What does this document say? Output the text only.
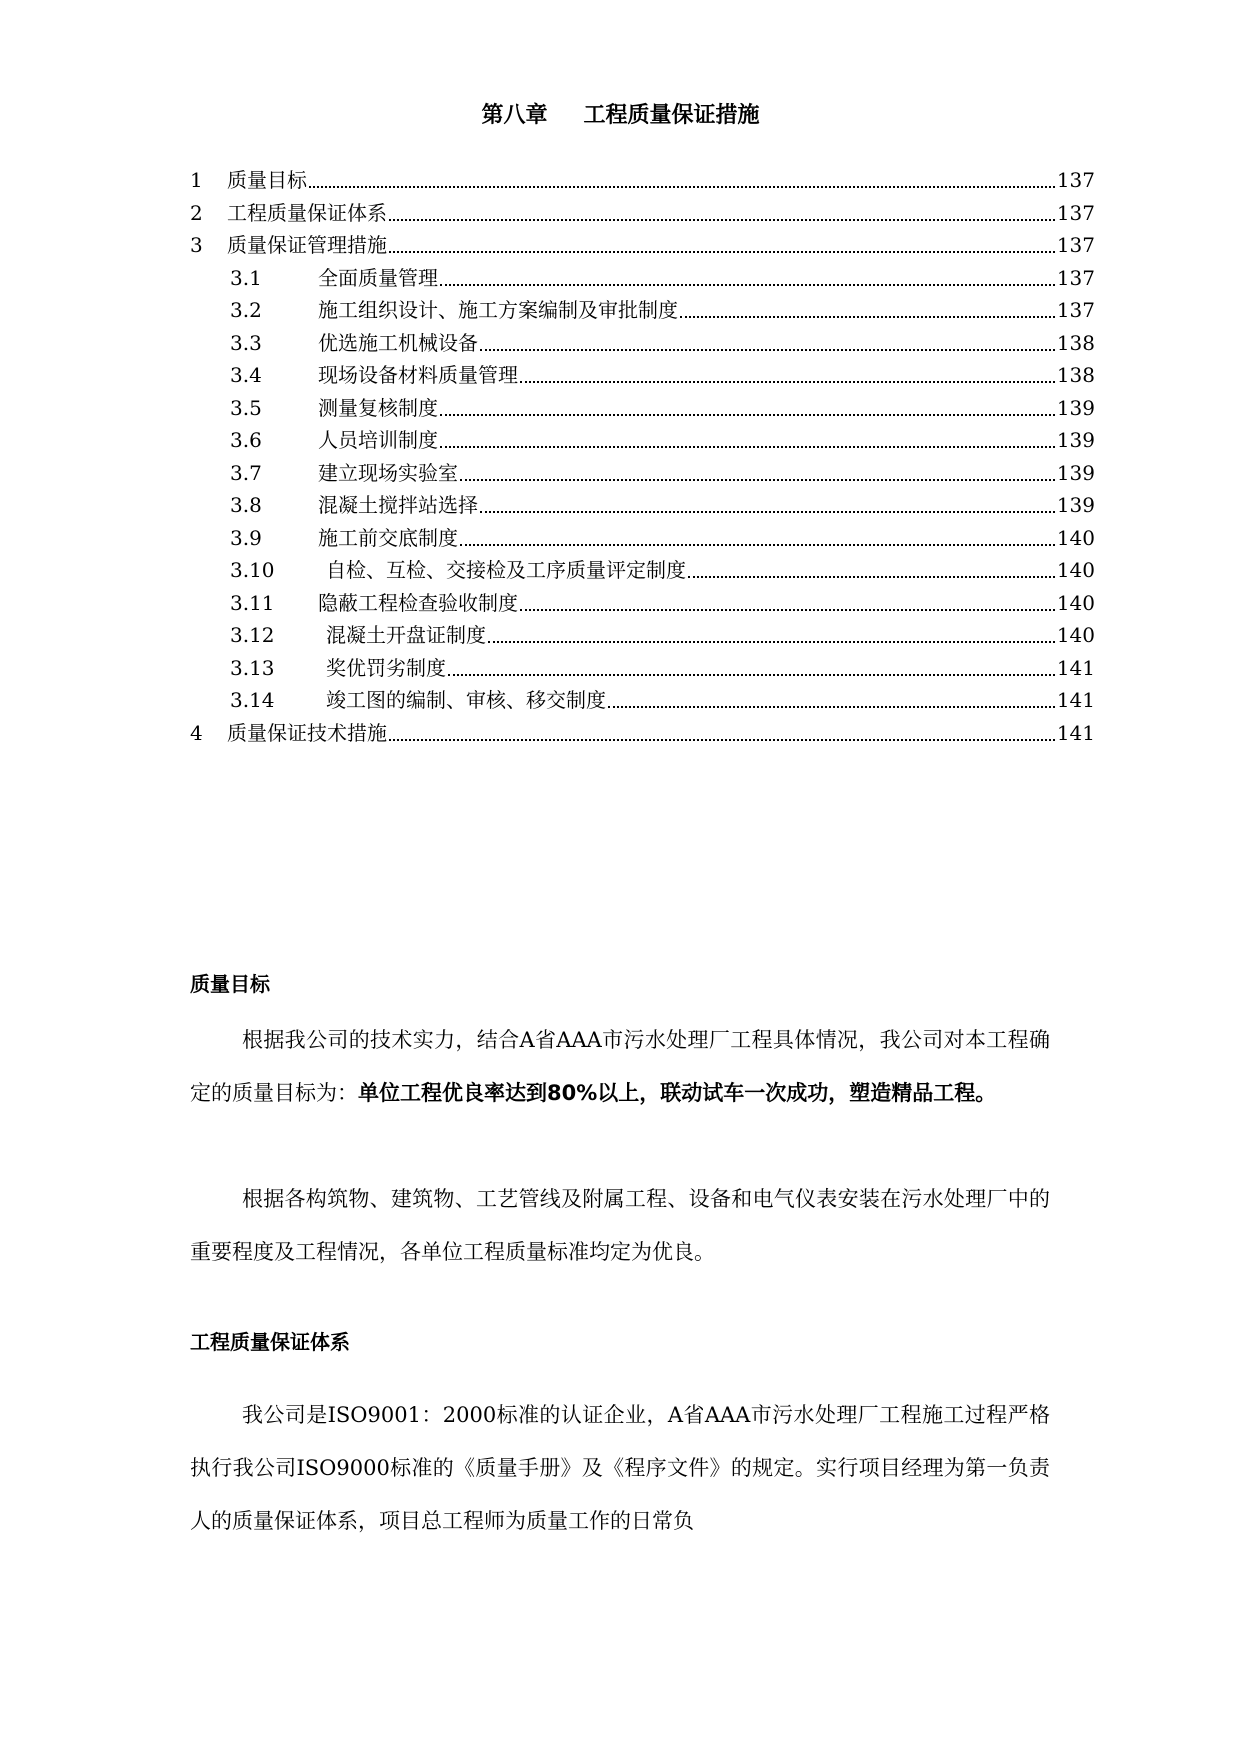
第八章 工程质量保证措施
1	质量目标	137
2	工程质量保证体系	137
3	质量保证管理措施	137
3.1	全面质量管理	137
3.2	施工组织设计、施工方案编制及审批制度	137
3.3	优选施工机械设备	138
3.4	现场设备材料质量管理	138
3.5	测量复核制度	139
3.6	人员培训制度	139
3.7	建立现场实验室	139
3.8	混凝土搅拌站选择	139
3.9	施工前交底制度	140
3.10	自检、互检、交接检及工序质量评定制度	140
3.11	隐蔽工程检查验收制度	140
3.12	混凝土开盘证制度	140
3.13	奖优罚劣制度	141
3.14	竣工图的编制、审核、移交制度	141
4	质量保证技术措施	141
质量目标

根据我公司的技术实力，结合A省AAA市污水处理厂工程具体情况，我公司对本工程确定的质量目标为：单位工程优良率达到80%以上，联动试车一次成功，塑造精品工程。

根据各构筑物、建筑物、工艺管线及附属工程、设备和电气仪表安装在污水处理厂中的重要程度及工程情况，各单位工程质量标准均定为优良。

工程质量保证体系

我公司是ISO9001：2000标准的认证企业，A省AAA市污水处理厂工程施工过程严格执行我公司ISO9000标准的《质量手册》及《程序文件》的规定。实行项目经理为第一负责人的质量保证体系，项目总工程师为质量工作的日常负
